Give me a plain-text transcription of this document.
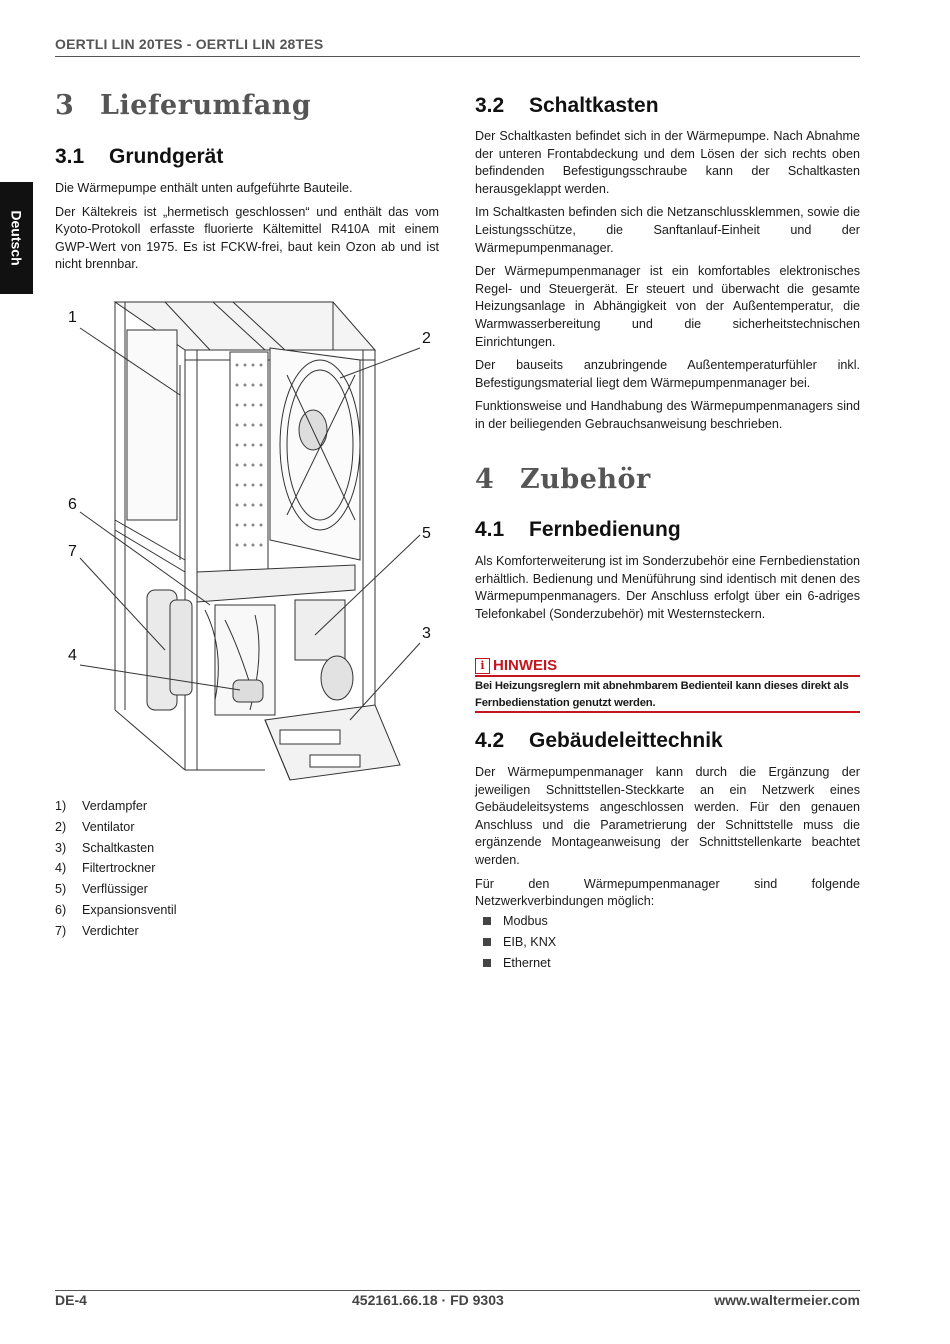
OERTLI LIN 20TES - OERTLI LIN 28TES
Deutsch
3 Lieferumfang
3.1 Grundgerät

Die Wärmepumpe enthält unten aufgeführte Bauteile.

Der Kältekreis ist „hermetisch geschlossen“ und enthält das vom Kyoto-Protokoll erfasste fluorierte Kältemittel R410A mit einem GWP-Wert von 1975. Es ist FCKW-frei, baut kein Ozon ab und ist nicht brennbar.

1
2
6
5
7
3
4
1)	Verdampfer
2)	Ventilator
3)	Schaltkasten
4)	Filtertrockner
5)	Verflüssiger
6)	Expansionsventil
7)	Verdichter
3.2 Schaltkasten

Der Schaltkasten befindet sich in der Wärmepumpe. Nach Abnahme der unteren Frontabdeckung und dem Lösen der sich rechts oben befindenden Befestigungsschraube kann der Schaltkasten herausgeklappt werden.

Im Schaltkasten befinden sich die Netzanschlussklemmen, sowie die Leistungsschütze, die Sanftanlauf-Einheit und der Wärmepumpenmanager.

Der Wärmepumpenmanager ist ein komfortables elektronisches Regel- und Steuergerät. Er steuert und überwacht die gesamte Heizungsanlage in Abhängigkeit von der Außentemperatur, die Warmwasserbereitung und die sicherheitstechnischen Einrichtungen.

Der bauseits anzubringende Außentemperaturfühler inkl. Befestigungsmaterial liegt dem Wärmepumpenmanager bei.

Funktionsweise und Handhabung des Wärmepumpenmanagers sind in der beiliegenden Gebrauchsanweisung beschrieben.

4 Zubehör
4.1 Fernbedienung

Als Komforterweiterung ist im Sonderzubehör eine Fernbedienstation erhältlich. Bedienung und Menüführung sind identisch mit denen des Wärmepumpenmanagers. Der Anschluss erfolgt über ein 6-adriges Telefonkabel (Sonderzubehör) mit Westernsteckern.

i HINWEIS
Bei Heizungsreglern mit abnehmbarem Bedienteil kann dieses direkt als Fernbedienstation genutzt werden.
4.2 Gebäudeleittechnik

Der Wärmepumpenmanager kann durch die Ergänzung der jeweiligen Schnittstellen-Steckkarte an ein Netzwerk eines Gebäudeleitsystems angeschlossen werden. Für den genauen Anschluss und die Parametrierung der Schnittstelle muss die ergänzende Montageanweisung der Schnittstellenkarte beachtet werden.

Für den Wärmepumpenmanager sind folgende Netzwerkverbindungen möglich:

Modbus
EIB, KNX
Ethernet
DE-4	452161.66.18 · FD 9303	www.waltermeier.com
